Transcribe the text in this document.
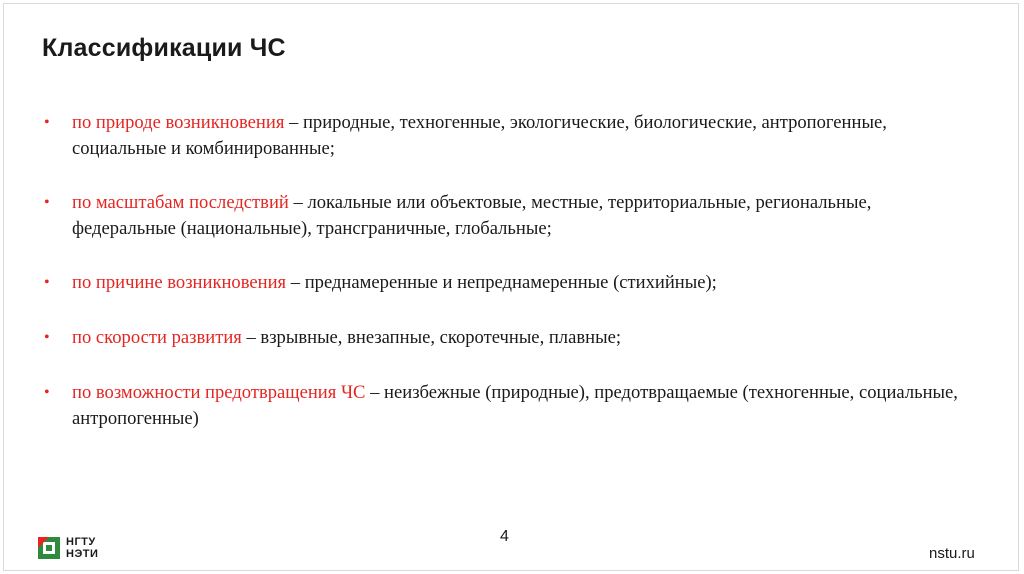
Классификации ЧС
• по природе возникновения – природные, техногенные, экологические, биологические, антропогенные, социальные и комбинированные;
• по масштабам последствий – локальные или объектовые, местные, территориальные, региональные, федеральные (национальные), трансграничные, глобальные;
• по причине возникновения – преднамеренные и непреднамеренные (стихийные);
• по скорости развития – взрывные, внезапные, скоротечные, плавные;
• по возможности предотвращения ЧС – неизбежные (природные), предотвращаемые (техногенные, социальные, антропогенные)
4
НГТУ
НЭТИ	nstu.ru
